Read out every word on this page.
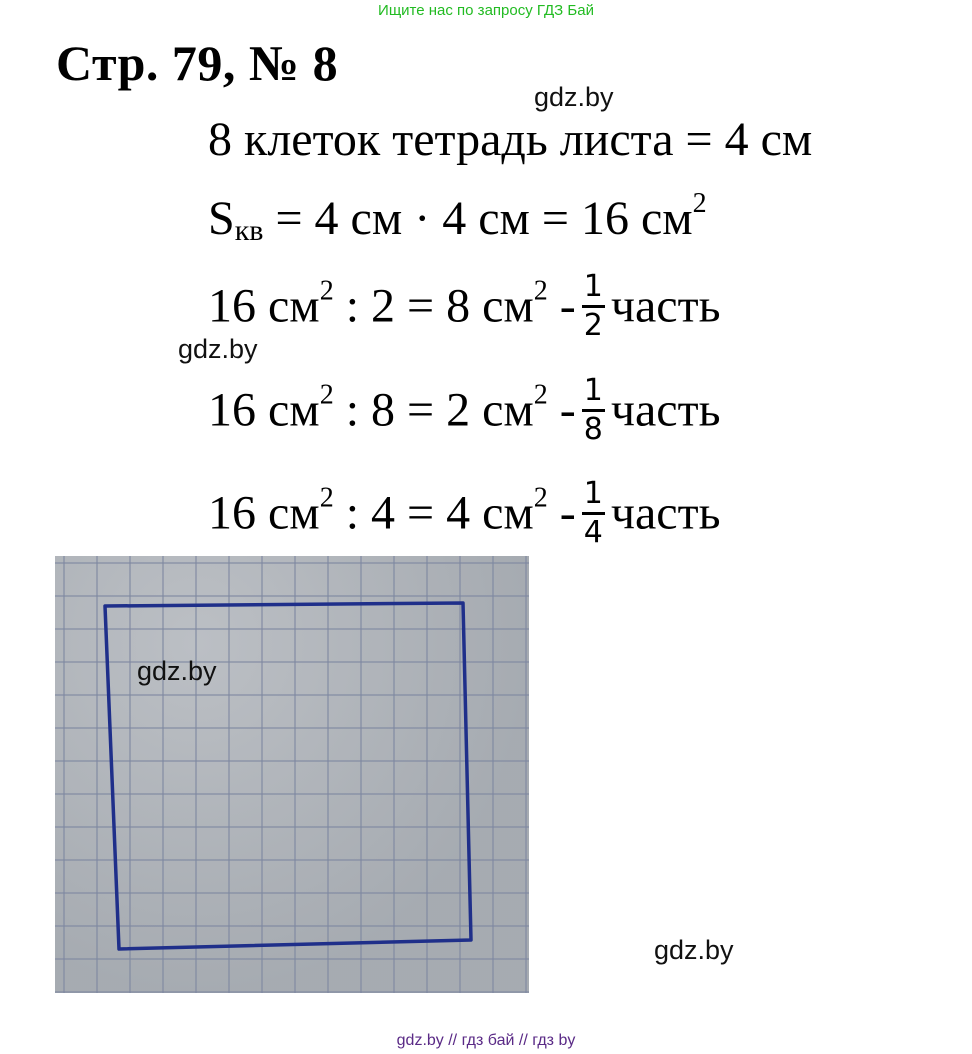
Ищите нас по запросу ГДЗ Бай
Стр. 79, № 8
gdz.by
gdz.by
gdz.by
8 клеток тетрадь листа = 4 см
$S_{кв} = 4$ см · 4 см = 16 $см^2$
16 $см^2$ : 2 = 8 $см^2 - \frac{1}{2}$ часть
16 $см^2$ : 8 = 2 $см^2 - \frac{1}{8}$ часть
16 $см^2$ : 4 = 4 $см^2 - \frac{1}{4}$ часть
gdz.by
gdz.by // гдз бай // гдз by
